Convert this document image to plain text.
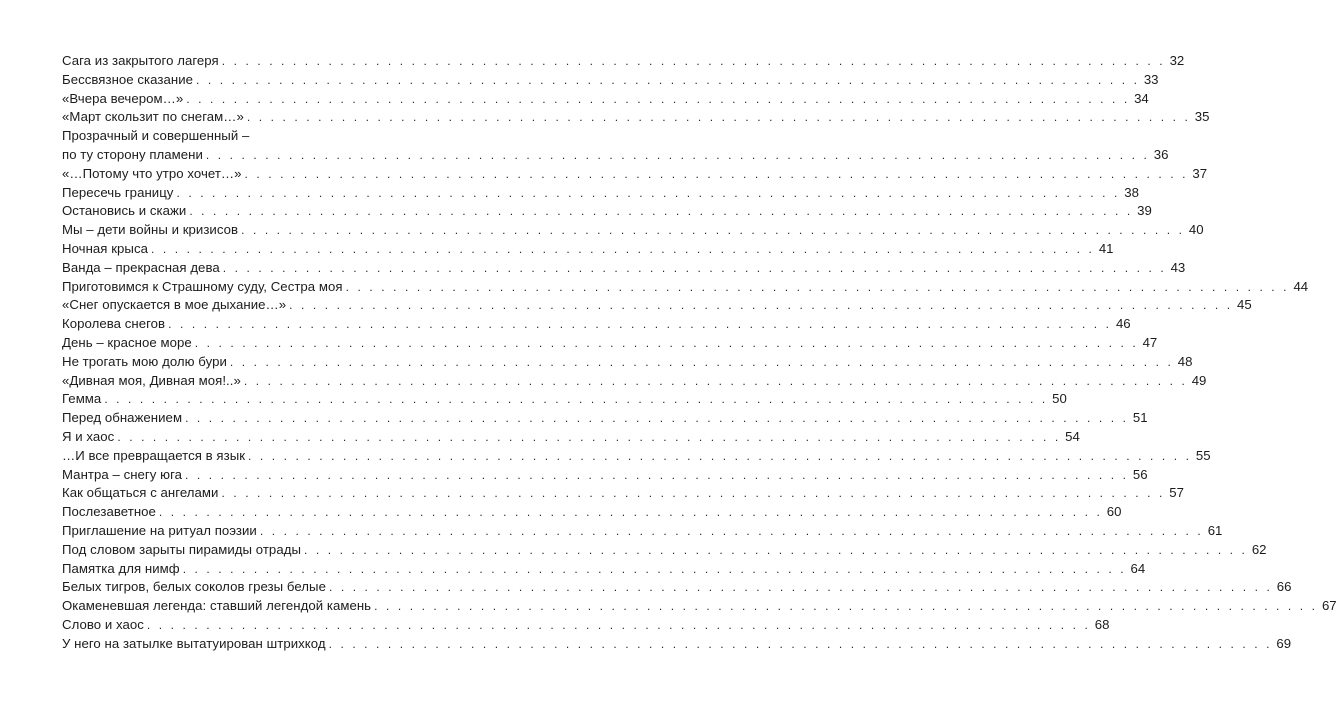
Сага из закрытого лагеря . . . . . . . . . . . . . . . . . . . . . . . . . . . . . . . . . . . . . . . . . . . . . . . . . . . . . . . . . . . . . . . . . . . . . . . . . . . . . . . . 32
Бессвязное сказание . . . . . . . . . . . . . . . . . . . . . . . . . . . . . . . . . . . . . . . . . . . . . . . . . . . . . . . . . . . . . . . . . . . . . . . . . . . . . . . . 33
«Вчера вечером…» . . . . . . . . . . . . . . . . . . . . . . . . . . . . . . . . . . . . . . . . . . . . . . . . . . . . . . . . . . . . . . . . . . . . . . . . . . . . . . . . 34
«Март скользит по снегам…» . . . . . . . . . . . . . . . . . . . . . . . . . . . . . . . . . . . . . . . . . . . . . . . . . . . . . . . . . . . . . . . . . . . . . . . . . . . . . . . . 35
Прозрачный и совершенный –
по ту сторону пламени . . . . . . . . . . . . . . . . . . . . . . . . . . . . . . . . . . . . . . . . . . . . . . . . . . . . . . . . . . . . . . . . . . . . . . . . . . . . . . . . 36
«…Потому что утро хочет…» . . . . . . . . . . . . . . . . . . . . . . . . . . . . . . . . . . . . . . . . . . . . . . . . . . . . . . . . . . . . . . . . . . . . . . . . . . . . . . . . 37
Пересечь границу . . . . . . . . . . . . . . . . . . . . . . . . . . . . . . . . . . . . . . . . . . . . . . . . . . . . . . . . . . . . . . . . . . . . . . . . . . . . . . . . 38
Остановись и скажи . . . . . . . . . . . . . . . . . . . . . . . . . . . . . . . . . . . . . . . . . . . . . . . . . . . . . . . . . . . . . . . . . . . . . . . . . . . . . . . . 39
Мы – дети войны и кризисов . . . . . . . . . . . . . . . . . . . . . . . . . . . . . . . . . . . . . . . . . . . . . . . . . . . . . . . . . . . . . . . . . . . . . . . . . . . . . . . . 40
Ночная крыса . . . . . . . . . . . . . . . . . . . . . . . . . . . . . . . . . . . . . . . . . . . . . . . . . . . . . . . . . . . . . . . . . . . . . . . . . . . . . . . . 41
Ванда – прекрасная дева . . . . . . . . . . . . . . . . . . . . . . . . . . . . . . . . . . . . . . . . . . . . . . . . . . . . . . . . . . . . . . . . . . . . . . . . . . . . . . . . 43
Приготовимся к Страшному суду, Сестра моя . . . . . . . . . . . . . . . . . . . . . . . . . . . . . . . . . . . . . . . . . . . . . . . . . . . . . . . . . . . . . . . . . . . . . . . . . . . . . . . . 44
«Снег опускается в мое дыхание…» . . . . . . . . . . . . . . . . . . . . . . . . . . . . . . . . . . . . . . . . . . . . . . . . . . . . . . . . . . . . . . . . . . . . . . . . . . . . . . . . 45
Королева снегов . . . . . . . . . . . . . . . . . . . . . . . . . . . . . . . . . . . . . . . . . . . . . . . . . . . . . . . . . . . . . . . . . . . . . . . . . . . . . . . . 46
День – красное море . . . . . . . . . . . . . . . . . . . . . . . . . . . . . . . . . . . . . . . . . . . . . . . . . . . . . . . . . . . . . . . . . . . . . . . . . . . . . . . . 47
Не трогать мою долю бури . . . . . . . . . . . . . . . . . . . . . . . . . . . . . . . . . . . . . . . . . . . . . . . . . . . . . . . . . . . . . . . . . . . . . . . . . . . . . . . . 48
«Дивная моя, Дивная моя!..» . . . . . . . . . . . . . . . . . . . . . . . . . . . . . . . . . . . . . . . . . . . . . . . . . . . . . . . . . . . . . . . . . . . . . . . . . . . . . . . . 49
Гемма . . . . . . . . . . . . . . . . . . . . . . . . . . . . . . . . . . . . . . . . . . . . . . . . . . . . . . . . . . . . . . . . . . . . . . . . . . . . . . . . 50
Перед обнажением . . . . . . . . . . . . . . . . . . . . . . . . . . . . . . . . . . . . . . . . . . . . . . . . . . . . . . . . . . . . . . . . . . . . . . . . . . . . . . . . 51
Я и хаос . . . . . . . . . . . . . . . . . . . . . . . . . . . . . . . . . . . . . . . . . . . . . . . . . . . . . . . . . . . . . . . . . . . . . . . . . . . . . . . . 54
…И все превращается в язык . . . . . . . . . . . . . . . . . . . . . . . . . . . . . . . . . . . . . . . . . . . . . . . . . . . . . . . . . . . . . . . . . . . . . . . . . . . . . . . . 55
Мантра – снегу юга . . . . . . . . . . . . . . . . . . . . . . . . . . . . . . . . . . . . . . . . . . . . . . . . . . . . . . . . . . . . . . . . . . . . . . . . . . . . . . . . 56
Как общаться с ангелами . . . . . . . . . . . . . . . . . . . . . . . . . . . . . . . . . . . . . . . . . . . . . . . . . . . . . . . . . . . . . . . . . . . . . . . . . . . . . . . . 57
Послезаветное . . . . . . . . . . . . . . . . . . . . . . . . . . . . . . . . . . . . . . . . . . . . . . . . . . . . . . . . . . . . . . . . . . . . . . . . . . . . . . . . 60
Приглашение на ритуал поэзии . . . . . . . . . . . . . . . . . . . . . . . . . . . . . . . . . . . . . . . . . . . . . . . . . . . . . . . . . . . . . . . . . . . . . . . . . . . . . . . . 61
Под словом зарыты пирамиды отрады . . . . . . . . . . . . . . . . . . . . . . . . . . . . . . . . . . . . . . . . . . . . . . . . . . . . . . . . . . . . . . . . . . . . . . . . . . . . . . . . 62
Памятка для нимф . . . . . . . . . . . . . . . . . . . . . . . . . . . . . . . . . . . . . . . . . . . . . . . . . . . . . . . . . . . . . . . . . . . . . . . . . . . . . . . . 64
Белых тигров, белых соколов грезы белые . . . . . . . . . . . . . . . . . . . . . . . . . . . . . . . . . . . . . . . . . . . . . . . . . . . . . . . . . . . . . . . . . . . . . . . . . . . . . . . . 66
Окаменевшая легенда: ставший легендой камень . . . . . . . . . . . . . . . . . . . . . . . . . . . . . . . . . . . . . . . . . . . . . . . . . . . . . . . . . . . . . . . . . . . . . . . . . . . . . . . . 67
Слово и хаос . . . . . . . . . . . . . . . . . . . . . . . . . . . . . . . . . . . . . . . . . . . . . . . . . . . . . . . . . . . . . . . . . . . . . . . . . . . . . . . . 68
У него на затылке вытатуирован штрихкод . . . . . . . . . . . . . . . . . . . . . . . . . . . . . . . . . . . . . . . . . . . . . . . . . . . . . . . . . . . . . . . . . . . . . . . . . . . . . . . . 69
